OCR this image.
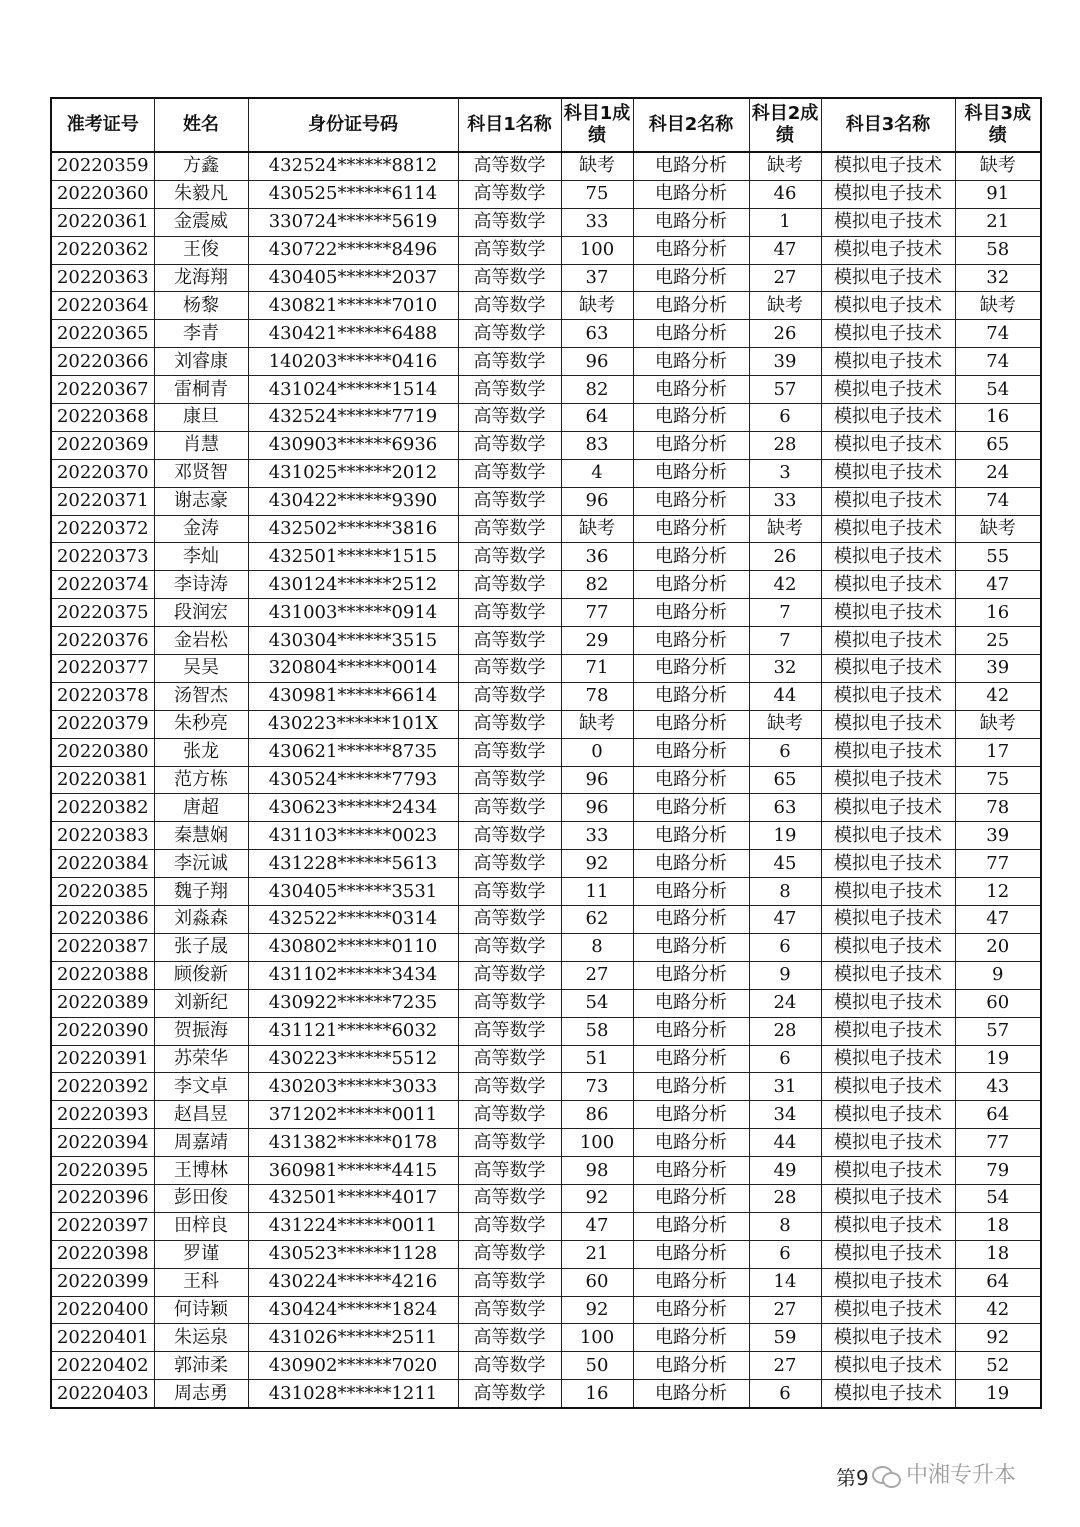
准考证号	姓名	身份证号码	科目1名称	科目1成绩	科目2名称	科目2成绩	科目3名称	科目3成绩
20220359	方鑫	432524******8812	高等数学	缺考	电路分析	缺考	模拟电子技术	缺考
20220360	朱毅凡	430525******6114	高等数学	75	电路分析	46	模拟电子技术	91
20220361	金震威	330724******5619	高等数学	33	电路分析	1	模拟电子技术	21
20220362	王俊	430722******8496	高等数学	100	电路分析	47	模拟电子技术	58
20220363	龙海翔	430405******2037	高等数学	37	电路分析	27	模拟电子技术	32
20220364	杨黎	430821******7010	高等数学	缺考	电路分析	缺考	模拟电子技术	缺考
20220365	李青	430421******6488	高等数学	63	电路分析	26	模拟电子技术	74
20220366	刘睿康	140203******0416	高等数学	96	电路分析	39	模拟电子技术	74
20220367	雷桐青	431024******1514	高等数学	82	电路分析	57	模拟电子技术	54
20220368	康旦	432524******7719	高等数学	64	电路分析	6	模拟电子技术	16
20220369	肖慧	430903******6936	高等数学	83	电路分析	28	模拟电子技术	65
20220370	邓贤智	431025******2012	高等数学	4	电路分析	3	模拟电子技术	24
20220371	谢志豪	430422******9390	高等数学	96	电路分析	33	模拟电子技术	74
20220372	金涛	432502******3816	高等数学	缺考	电路分析	缺考	模拟电子技术	缺考
20220373	李灿	432501******1515	高等数学	36	电路分析	26	模拟电子技术	55
20220374	李诗涛	430124******2512	高等数学	82	电路分析	42	模拟电子技术	47
20220375	段润宏	431003******0914	高等数学	77	电路分析	7	模拟电子技术	16
20220376	金岩松	430304******3515	高等数学	29	电路分析	7	模拟电子技术	25
20220377	吴昊	320804******0014	高等数学	71	电路分析	32	模拟电子技术	39
20220378	汤智杰	430981******6614	高等数学	78	电路分析	44	模拟电子技术	42
20220379	朱秒亮	430223******101X	高等数学	缺考	电路分析	缺考	模拟电子技术	缺考
20220380	张龙	430621******8735	高等数学	0	电路分析	6	模拟电子技术	17
20220381	范方栋	430524******7793	高等数学	96	电路分析	65	模拟电子技术	75
20220382	唐超	430623******2434	高等数学	96	电路分析	63	模拟电子技术	78
20220383	秦慧娴	431103******0023	高等数学	33	电路分析	19	模拟电子技术	39
20220384	李沅诚	431228******5613	高等数学	92	电路分析	45	模拟电子技术	77
20220385	魏子翔	430405******3531	高等数学	11	电路分析	8	模拟电子技术	12
20220386	刘淼森	432522******0314	高等数学	62	电路分析	47	模拟电子技术	47
20220387	张子晟	430802******0110	高等数学	8	电路分析	6	模拟电子技术	20
20220388	顾俊新	431102******3434	高等数学	27	电路分析	9	模拟电子技术	9
20220389	刘新纪	430922******7235	高等数学	54	电路分析	24	模拟电子技术	60
20220390	贺振海	431121******6032	高等数学	58	电路分析	28	模拟电子技术	57
20220391	苏荣华	430223******5512	高等数学	51	电路分析	6	模拟电子技术	19
20220392	李文卓	430203******3033	高等数学	73	电路分析	31	模拟电子技术	43
20220393	赵昌昱	371202******0011	高等数学	86	电路分析	34	模拟电子技术	64
20220394	周嘉靖	431382******0178	高等数学	100	电路分析	44	模拟电子技术	77
20220395	王博林	360981******4415	高等数学	98	电路分析	49	模拟电子技术	79
20220396	彭田俊	432501******4017	高等数学	92	电路分析	28	模拟电子技术	54
20220397	田梓良	431224******0011	高等数学	47	电路分析	8	模拟电子技术	18
20220398	罗谨	430523******1128	高等数学	21	电路分析	6	模拟电子技术	18
20220399	王科	430224******4216	高等数学	60	电路分析	14	模拟电子技术	64
20220400	何诗颖	430424******1824	高等数学	92	电路分析	27	模拟电子技术	42
20220401	朱运泉	431026******2511	高等数学	100	电路分析	59	模拟电子技术	92
20220402	郭沛柔	430902******7020	高等数学	50	电路分析	27	模拟电子技术	52
20220403	周志勇	431028******1211	高等数学	16	电路分析	6	模拟电子技术	19
第9	中湘专升本
